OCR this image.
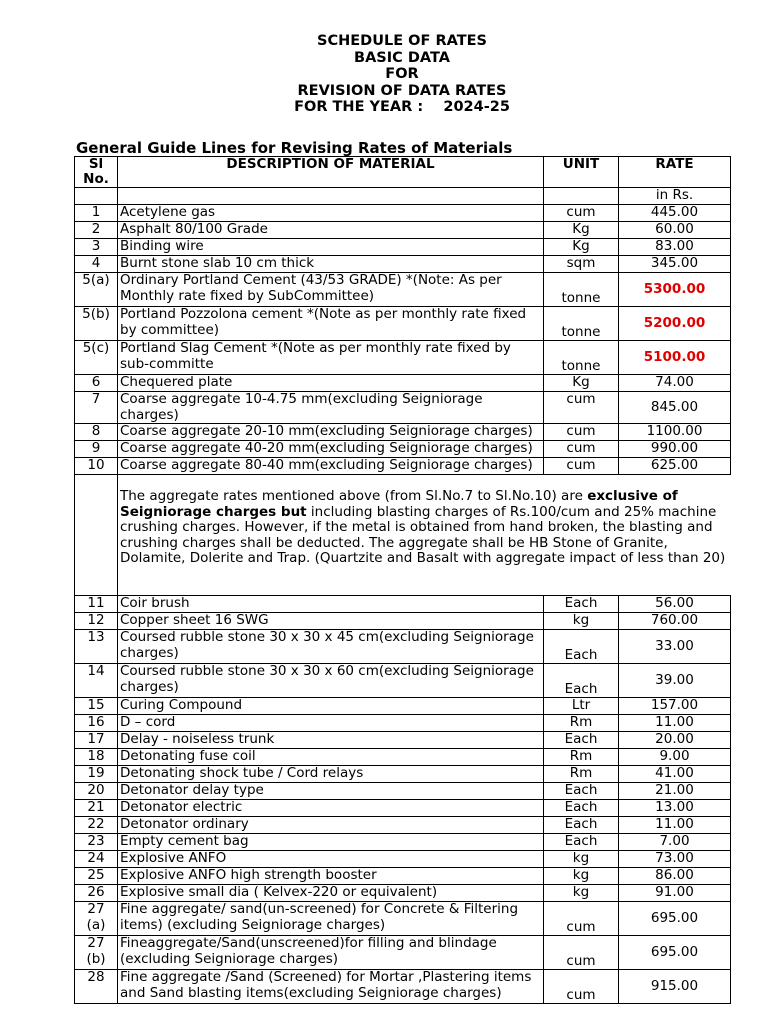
SCHEDULE OF RATES
BASIC DATA
FOR
REVISION OF DATA RATES
FOR THE YEAR :    2024-25
General Guide Lines for Revising Rates of Materials
Sl No.	DESCRIPTION OF MATERIAL	UNIT	RATE
			in Rs.
1	Acetylene gas	cum	445.00
2	Asphalt 80/100 Grade	Kg	60.00
3	Binding wire	Kg	83.00
4	Burnt stone slab 10 cm thick	sqm	345.00
5(a)	Ordinary Portland Cement (43/53 GRADE) *(Note: As per Monthly rate fixed by SubCommittee)	tonne	5300.00
5(b)	Portland Pozzolona cement *(Note as per monthly rate fixed by committee)	tonne	5200.00
5(c)	Portland Slag Cement *(Note as per monthly rate fixed by sub-committe	tonne	5100.00
6	Chequered plate	Kg	74.00
7	Coarse aggregate 10-4.75 mm(excluding Seigniorage charges)	cum	845.00
8	Coarse aggregate 20-10 mm(excluding Seigniorage charges)	cum	1100.00
9	Coarse aggregate 40-20 mm(excluding Seigniorage charges)	cum	990.00
10	Coarse aggregate 80-40 mm(excluding Seigniorage charges)	cum	625.00
	The aggregate rates mentioned above (from Sl.No.7 to Sl.No.10) are exclusive of Seigniorage charges but including blasting charges of Rs.100/cum and 25% machine crushing charges. However, if the metal is obtained from hand broken, the blasting and crushing charges shall be deducted. The aggregate shall be HB Stone of Granite, Dolamite, Dolerite and Trap. (Quartzite and Basalt with aggregate impact of less than 20)		
11	Coir brush	Each	56.00
12	Copper sheet 16 SWG	kg	760.00
13	Coursed rubble stone 30 x 30 x 45 cm(excluding Seigniorage charges)	Each	33.00
14	Coursed rubble stone 30 x 30 x 60 cm(excluding Seigniorage charges)	Each	39.00
15	Curing Compound	Ltr	157.00
16	D – cord	Rm	11.00
17	Delay - noiseless trunk	Each	20.00
18	Detonating fuse coil	Rm	9.00
19	Detonating shock tube / Cord relays	Rm	41.00
20	Detonator delay type	Each	21.00
21	Detonator electric	Each	13.00
22	Detonator ordinary	Each	11.00
23	Empty cement bag	Each	7.00
24	Explosive ANFO	kg	73.00
25	Explosive ANFO high strength booster	kg	86.00
26	Explosive small dia ( Kelvex-220 or equivalent)	kg	91.00
27 (a)	Fine aggregate/ sand(un-screened) for Concrete & Filtering items) (excluding Seigniorage charges)	cum	695.00
27 (b)	Fineaggregate/Sand(unscreened)for filling and blindage (excluding Seigniorage charges)	cum	695.00
28	Fine aggregate /Sand (Screened) for Mortar ,Plastering items and Sand blasting items(excluding Seigniorage charges)	cum	915.00
